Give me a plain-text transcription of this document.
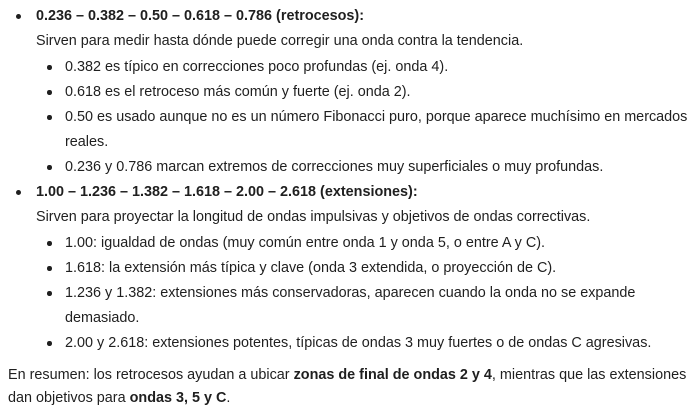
0.236 – 0.382 – 0.50 – 0.618 – 0.786 (retrocesos):
Sirven para medir hasta dónde puede corregir una onda contra la tendencia.
0.382 es típico en correcciones poco profundas (ej. onda 4).
0.618 es el retroceso más común y fuerte (ej. onda 2).
0.50 es usado aunque no es un número Fibonacci puro, porque aparece muchísimo en mercados
reales.
0.236 y 0.786 marcan extremos de correcciones muy superficiales o muy profundas.
1.00 – 1.236 – 1.382 – 1.618 – 2.00 – 2.618 (extensiones):
Sirven para proyectar la longitud de ondas impulsivas y objetivos de ondas correctivas.
1.00: igualdad de ondas (muy común entre onda 1 y onda 5, o entre A y C).
1.618: la extensión más típica y clave (onda 3 extendida, o proyección de C).
1.236 y 1.382: extensiones más conservadoras, aparecen cuando la onda no se expande
demasiado.
2.00 y 2.618: extensiones potentes, típicas de ondas 3 muy fuertes o de ondas C agresivas.
En resumen: los retrocesos ayudan a ubicar zonas de final de ondas 2 y 4, mientras que las extensiones
dan objetivos para ondas 3, 5 y C.
